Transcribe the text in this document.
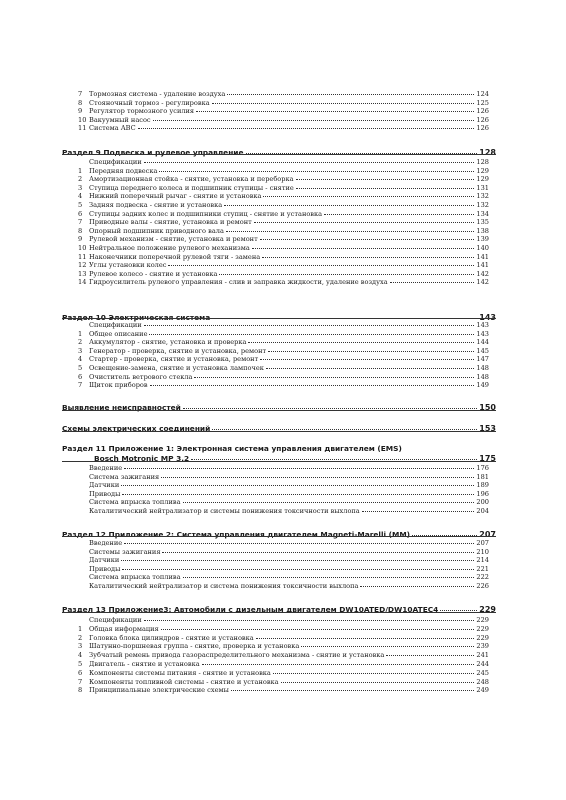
7	Тормозная система - удаление воздуха	124
8	Стояночный тормоз - регулировка	125
9	Регулятор тормозного усилия	126
10 Вакуумный насос	126
11 Система ABC	126
Раздел 9 Подвеска и рулевое управление	128
Спецификации	128
1	Передняя подвеска	129
2	Амортизационная стойка - снятие, установка и переборка	129
3	Ступица переднего колеса и подшипник ступицы - снятие	131
4	Нижний поперечный рычаг - снятие и установка	132
5	Задняя подвеска - снятие и установка	132
6	Ступицы задних колес и подшипники ступиц - снятие и установка	134
7	Приводные валы - снятие, установка и ремонт	135
8	Опорный подшипник приводного вала	138
9	Рулевой механизм - снятие, установка и ремонт	139
10 Нейтральное положение рулевого механизма	140
11 Наконечники поперечной рулевой тяги - замена	141
12 Углы установки колес	141
13 Рулевое колесо - снятие и установка	142
14 Гидроусилитель рулевого управления - слив и заправка жидкости, удаление воздуха	142
Раздел 10 Электрическая система	143
Спецификации	143
1	Общее описание	143
2	Аккумулятор - снятие, установка и проверка	144
3	Генератор - проверка, снятие и установка, ремонт	145
4	Стартер - проверка, снятие и установка, ремонт	147
5	Освещение-замена, снятие и установка лампочек	148
6	Очиститель ветрового стекла	148
7	Щиток приборов	149
Выявление неисправностей	150
Схемы электрических соединений	153
Раздел 11 Приложение 1: Электронная система управления двигателем (EMS)
Bosch Motronic MP 3.2	175
Введение	176
Система зажигания	181
Датчики	189
Приводы	196
Система впрыска топлива	200
Каталитический нейтрализатор и системы понижения токсичности выхлопа	204
Раздел 12 Приложение 2: Система управления двигателем Magneti-Marelli (ММ)	207
Введение	207
Системы зажигания	210
Датчики	214
Приводы	221
Система впрыска топлива	222
Каталитический нейтрализатор и система понижения токсичности выхлопа	226
Раздел 13 Приложение3: Автомобили с дизельным двигателем DW10ATED/DW10ATEC4	229
Спецификации	229
1	Общая информация	229
2	Головка блока цилиндров - снятие и установка	229
3	Шатунно-поршневая группа - снятие, проверка и установка	239
4	Зубчатый ремень привода газораспределительного механизма - снятие и установка	241
5	Двигатель - снятие и установка	244
6	Компоненты системы питания - снятие и установка	245
7	Компоненты топливной системы - снятие и установка	248
8	Принципиальные электрические схемы	249
